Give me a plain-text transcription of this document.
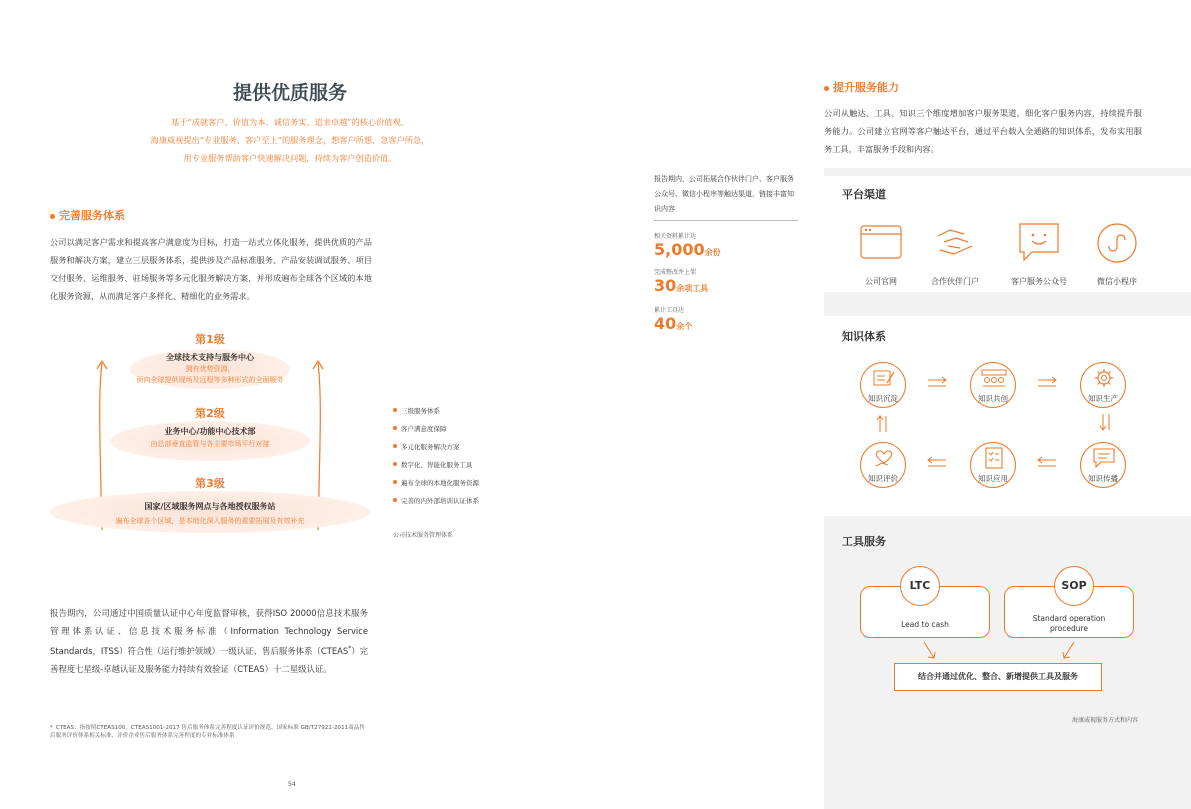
提供优质服务
基于“成就客户、价值为本、诚信务实、追求卓越”的核心价值观，
海康威视提出“专业服务、客户至上”的服务理念，想客户所想、急客户所急，
用专业服务帮助客户快速解决问题，持续为客户创造价值。
完善服务体系
公司以满足客户需求和提高客户满意度为目标，打造一站式立体化服务，提供优质的产品服务和解决方案，建立三层服务体系，提供涉及产品标准服务、产品安装调试服务、项目交付服务、运维服务、驻场服务等多元化服务解决方案，并形成遍布全球各个区域的本地化服务资源，从而满足客户多样化、精细化的业务需求。
第1级
全球技术支持与服务中心
拥有优势资源，
面向全球提供现场及远程等多种形式的全面服务
第2级
业务中心/功能中心技术部
由总部垂直监管与各主要市场平行对接
第3级
国家/区域服务网点与各地授权服务站
遍布全球各个区域，是本地化深入服务的重要拓展及有效补充
三级服务体系
客户满意度保障
多元化服务解决方案
数字化、智能化服务工具
遍布全球的本地化服务资源
完善的内外部培训认证体系
公司技术服务管理体系
报告期内，公司通过中国质量认证中心年度监督审核，获得ISO 20000信息技术服务管理体系认证、信息技术服务标准（Information Technology Service Standards，ITSS）符合性（运行维护领域）一级认证、售后服务体系（CTEAS*）完善程度七星级-卓越认证及服务能力持续有效验证（CTEAS）十二星级认证。
* CTEAS：指按照CTEAS100、CTEAS1001-2017 售后服务体系完善程度认证评价规范、国家标准 GB/T27922-2011商品售后服务评价体系相关标准，评价企业售后服务体系完善程度的专业标准体系
54
报告期内，公司拓展合作伙伴门户、客户服务公众号、微信小程序等触达渠道，链接丰富知识内容
相关资料累计达
5,000余份
完成整改并上架
30余项工具
累计工具达
40余个
提升服务能力
公司从触达、工具、知识三个维度增加客户服务渠道，细化客户服务内容，持续提升服务能力。公司建立官网等客户触达平台，通过平台载入全通路的知识体系，发布实用服务工具，丰富服务手段和内容。
平台渠道
公司官网	合作伙伴门户	客户服务公众号	微信小程序
知识体系
知识沉淀	知识共创	知识生产
知识评价	知识应用	知识传播
工具服务
LTC
Lead to cash
SOP
Standard operation
procedure
结合并通过优化、整合、新增提供工具及服务
海康威视服务方式和内容
